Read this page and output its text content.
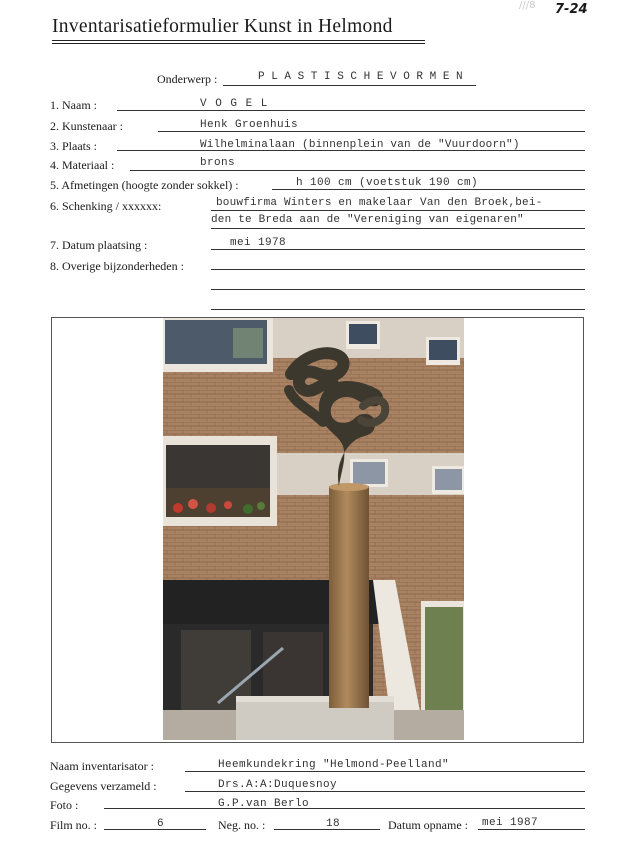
Inventarisatieformulier Kunst in Helmond
///8 7-24
Onderwerp :	P L A S T I S C H E V O R M E N
1. Naam :	V O G E L
2. Kunstenaar :	Henk Groenhuis
3. Plaats :	Wilhelminalaan (binnenplein van de "Vuurdoorn")
4. Materiaal :	brons
5. Afmetingen (hoogte zonder sokkel) :	h 100 cm (voetstuk 190 cm)
6. Schenking / xxxxxx:	bouwfirma Winters en makelaar Van den Broek,bei-
den te Breda aan de "Vereniging van eigenaren"
7. Datum plaatsing :	mei 1978
8. Overige bijzonderheden :
Naam inventarisator :	Heemkundekring "Helmond-Peelland"
Gegevens verzameld :	Drs.A:A:Duquesnoy
Foto :	G.P.van Berlo
Film no. :	6	Neg. no. :	18	Datum opname : mei 1987
